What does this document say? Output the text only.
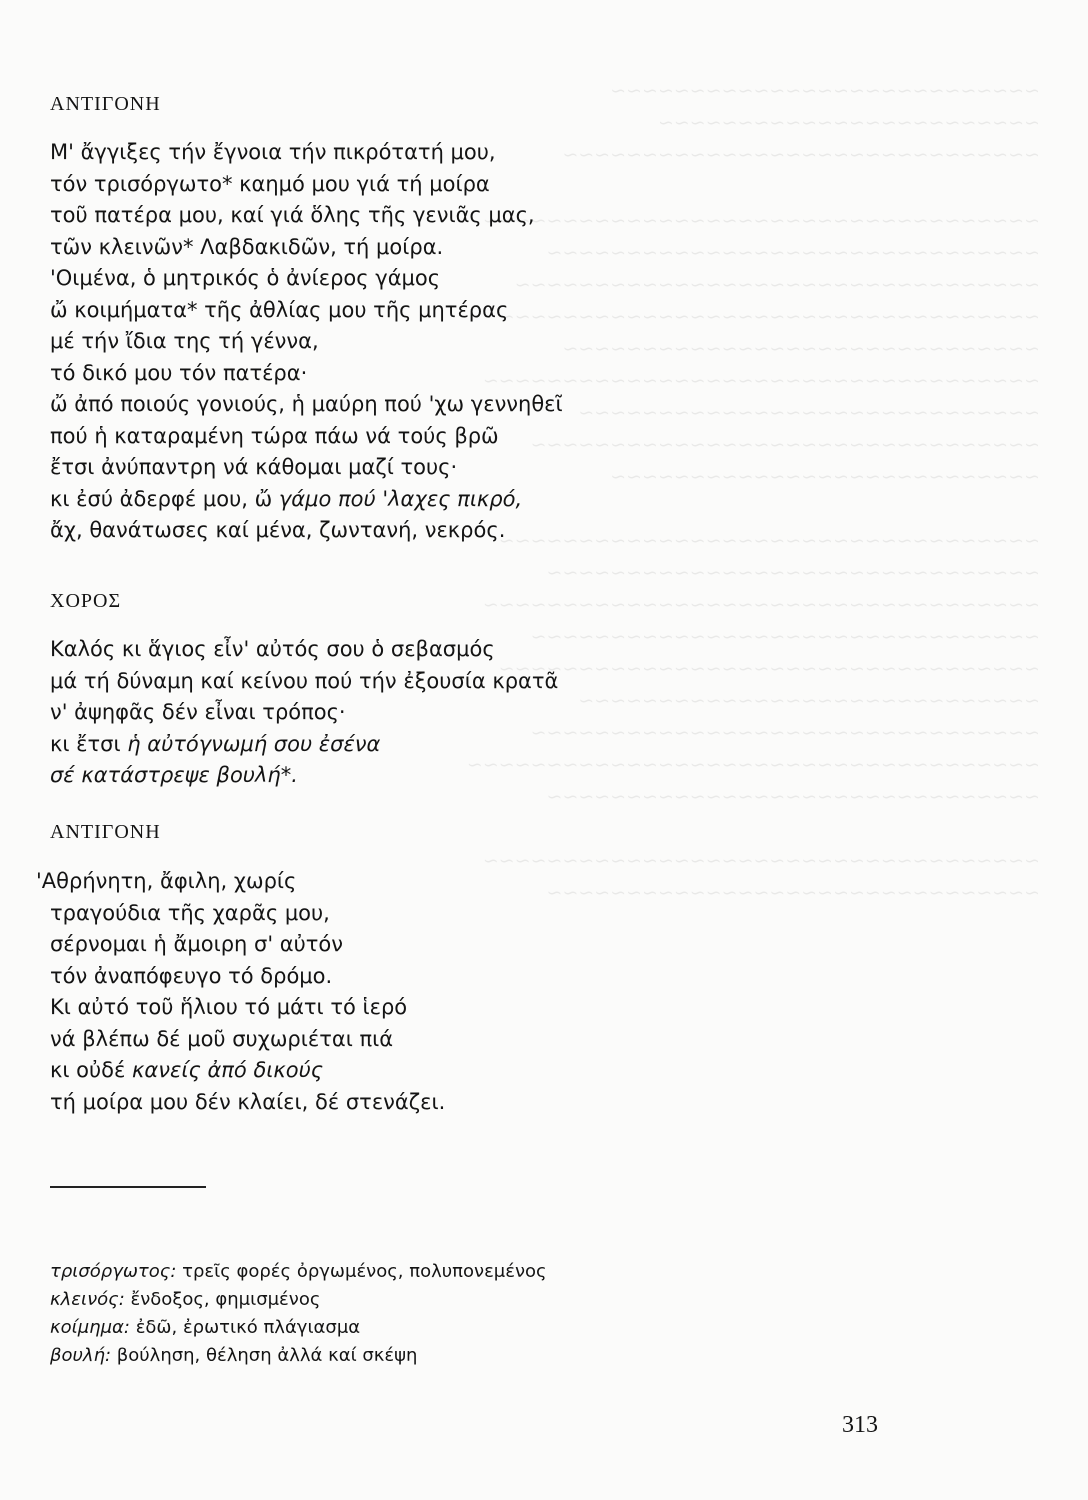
~~~~~~~~~~~~~~~~~~~~~~~~~~~
~~~~~~~~~~~~~~~~~~~~~~~~
~~~~~~~~~~~~~~~~~~~~~~~~~~~~~~
~~~~~~~~~~~~~~~~~~~~~~~~~~~~~~~~~~~
~~~~~~~~~~~~~~~~~~~~~~~~~~~~~~~
~~~~~~~~~~~~~~~~~~~~~~~~~~~~~~~~~
~~~~~~~~~~~~~~~~~~~~~~~~~~~~~~~~~~
~~~~~~~~~~~~~~~~~~~~~~~~~~~~~~
~~~~~~~~~~~~~~~~~~~~~~~~~~~~~~~~~~~
~~~~~~~~~~~~~~~~~~~~~~~~~~~~~
~~~~~~~~~~~~~~~~~~~~~~~~~~~~~~~~
~~~~~~~~~~~~~~~~~~~~~~~~~~~
~~~~~~~~~~~~~~~~~~~~~~~~~~~~~~~~~~
~~~~~~~~~~~~~~~~~~~~~~~~~~~~~~~
~~~~~~~~~~~~~~~~~~~~~~~~~~~~~~~~~~~
~~~~~~~~~~~~~~~~~~~~~~~~~~~~~~~~
~~~~~~~~~~~~~~~~~~~~~~~~~~~~~~~~~~
~~~~~~~~~~~~~~~~~~~~~~~~~~~~~
~~~~~~~~~~~~~~~~~~~~~~~~~~~~~~~~
~~~~~~~~~~~~~~~~~~~~~~~~~~~~~~~~~~~~
~~~~~~~~~~~~~~~~~~~~~~~~~~~~~~~
~~~~~~~~~~~~~~~~~~~~~~~~~~~~~~~~~~~
~~~~~~~~~~~~~~~~~~~~~~~~~~~~~~~
ΑΝΤΙΓΟΝΗ
Μ' ἄγγιξες τήν ἔγνοια τήν πικρότατή μου,
τόν τρισόργωτο* καημό μου γιά τή μοίρα
τοῦ πατέρα μου, καί γιά ὅλης τῆς γενιᾶς μας,
τῶν κλεινῶν* Λαβδακιδῶν, τή μοίρα.
'Οιμένα, ὁ μητρικός ὁ ἀνίερος γάμος
ὤ κοιμήματα* τῆς ἀθλίας μου τῆς μητέρας
μέ τήν ἴδια της τή γέννα,
τό δικό μου τόν πατέρα·
ὤ ἀπό ποιούς γονιούς, ἡ μαύρη πού 'χω γεννηθεῖ
πού ἡ καταραμένη τώρα πάω νά τούς βρῶ
ἔτσι ἀνύπαντρη νά κάθομαι μαζί τους·
κι ἐσύ ἀδερφέ μου, ὤ γάμο πού 'λαχες πικρό,
ἄχ, θανάτωσες καί μένα, ζωντανή, νεκρός.
ΧΟΡΟΣ
Καλός κι ἅγιος εἶν' αὐτός σου ὁ σεβασμός
μά τή δύναμη καί κείνου πού τήν ἐξουσία κρατᾶ
ν' ἀψηφᾶς δέν εἶναι τρόπος·
κι ἔτσι ἡ αὐτόγνωμή σου ἐσένα
σέ κατάστρεψε βουλή*.
ΑΝΤΙΓΟΝΗ
'Αθρήνητη, ἄφιλη, χωρίς
τραγούδια τῆς χαρᾶς μου,
σέρνομαι ἡ ἄμοιρη σ' αὐτόν
τόν ἀναπόφευγο τό δρόμο.
Κι αὐτό τοῦ ἥλιου τό μάτι τό ἱερό
νά βλέπω δέ μοῦ συχωριέται πιά
κι οὐδέ κανείς ἀπό δικούς
τή μοίρα μου δέν κλαίει, δέ στενάζει.
τρισόργωτος: τρεῖς φορές ὀργωμένος, πολυπονεμένος
κλεινός: ἔνδοξος, φημισμένος
κοίμημα: ἐδῶ, ἐρωτικό πλάγιασμα
βουλή: βούληση, θέληση ἀλλά καί σκέψη
313
